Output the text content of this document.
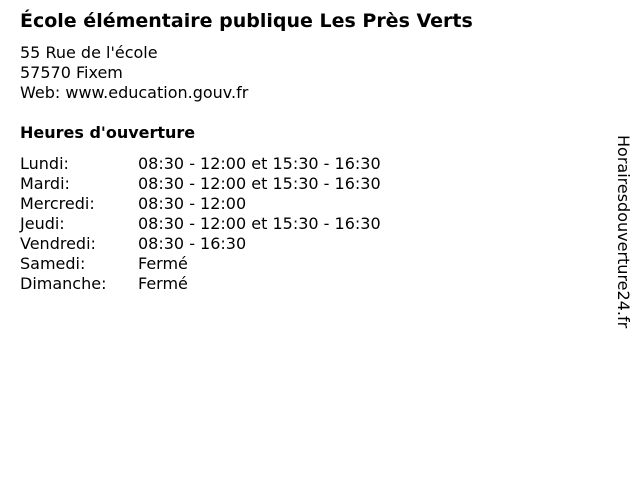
École élémentaire publique Les Près Verts
55 Rue de l'école
57570 Fixem
Web: www.education.gouv.fr
Heures d'ouverture
Lundi:	08:30 - 12:00 et 15:30 - 16:30
Mardi:	08:30 - 12:00 et 15:30 - 16:30
Mercredi:	08:30 - 12:00
Jeudi:	08:30 - 12:00 et 15:30 - 16:30
Vendredi:	08:30 - 16:30
Samedi:	Fermé
Dimanche:	Fermé	Horairesdouverture24.fr
